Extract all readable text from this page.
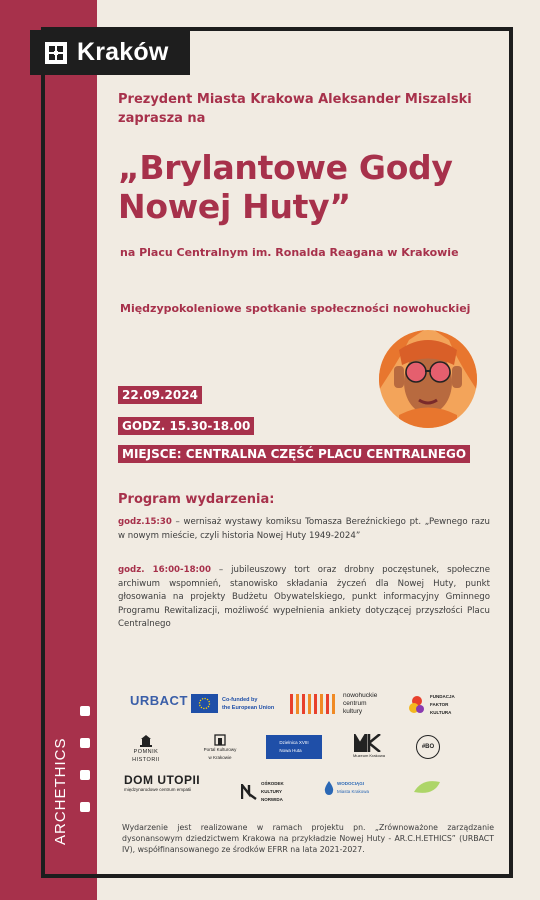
Kraków
Prezydent Miasta Krakowa Aleksander Miszalski
zaprasza na
„Brylantowe Gody
Nowej Huty”
na Placu Centralnym im. Ronalda Reagana w Krakowie
Międzypokoleniowe spotkanie społeczności nowohuckiej
22.09.2024
GODZ. 15.30-18.00
MIEJSCE: CENTRALNA CZĘŚĆ PLACU CENTRALNEGO
Program wydarzenia:
godz.15:30 – wernisaż wystawy komiksu Tomasza Bereźnickiego pt. „Pewnego razu w nowym mieście, czyli historia Nowej Huty 1949-2024”
godz. 16:00-18:00 – jubileuszowy tort oraz drobny poczęstunek, społeczne archiwum wspomnień, stanowisko składania życzeń dla Nowej Huty, punkt głosowania na projekty Budżetu Obywatelskiego, punkt informacyjny Gminnego Programu Rewitalizacji, możliwość wypełnienia ankiety dotyczącej przyszłości Placu Centralnego
URBACT	Co-funded by
the European Union
nowohuckie
centrum
kultury
FUNDACJA
FAKTOR
KULTURA
POMNIK
HISTORII
Portal Kulturowy
w Krakowie
Dzielnica XVIII
Nowa Huta
Muzeum Krakowa
#BO
DOM UTOPII
międzynarodowe centrum empatii
OŚRODEK
KULTURY
NORWIDA
WODOCIĄGI
Miasta Krakowa
ARCHETHICS	Wydarzenie jest realizowane w ramach projektu pn. „Zrównoważone zarządzanie dysonansowym dziedzictwem Krakowa na przykładzie Nowej Huty - AR.C.H.ETHICS” (URBACT IV), współfinansowanego ze środków EFRR na lata 2021-2027.
